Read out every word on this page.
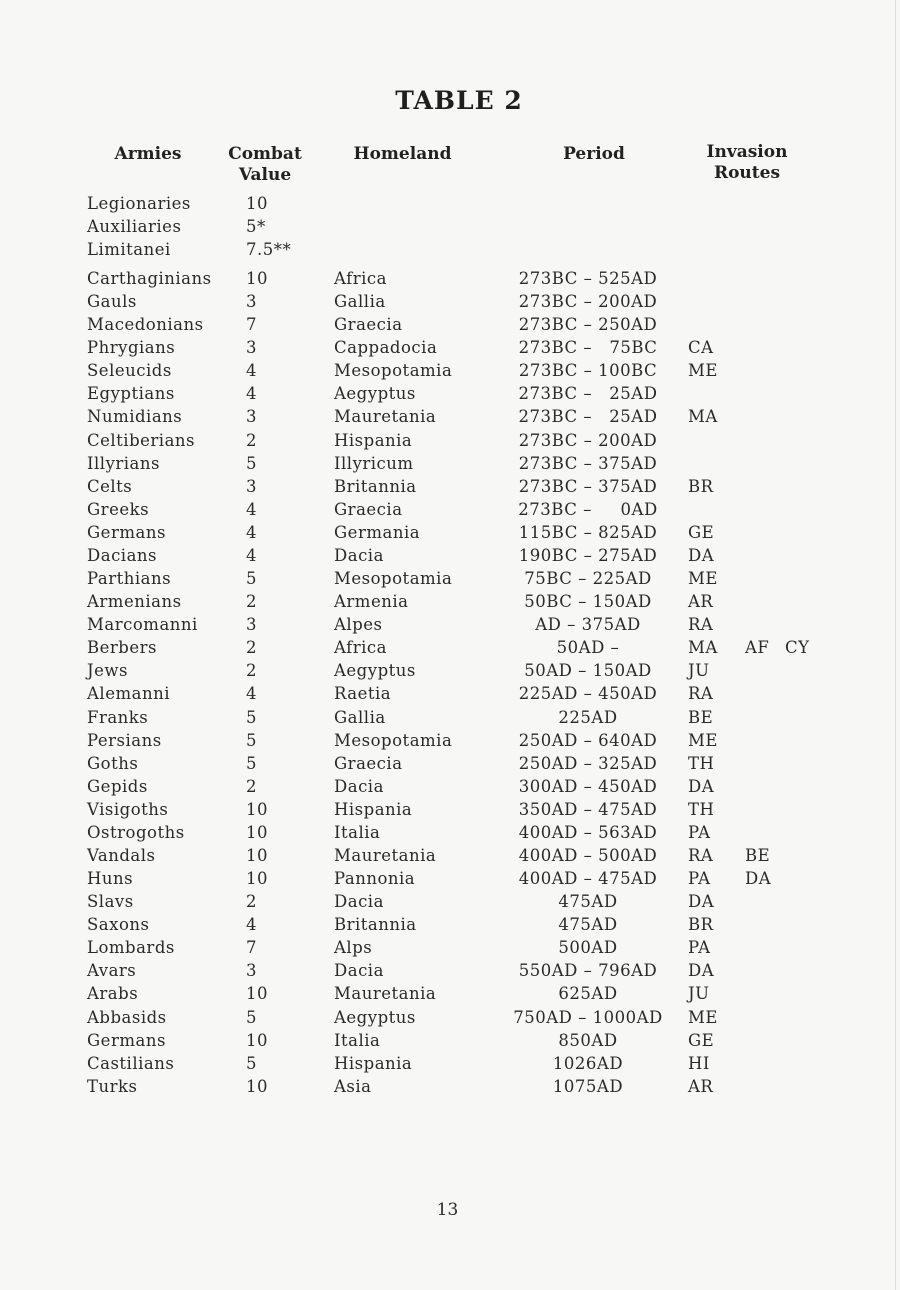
TABLE 2
Armies	Combat
Value
Homeland	Period	Invasion
Routes
Legionaries	10
Auxiliaries	5*
Limitanei	7.5**
Carthaginians 10	Africa	273BC – 525AD
Gauls	3	Gallia	273BC – 200AD
Macedonians	7	Graecia	273BC – 250AD
Phrygians	3	Cappadocia	273BC –   75BC	CA
Seleucids	4	Mesopotamia	273BC – 100BC	ME
Egyptians	4	Aegyptus	273BC –   25AD
Numidians	3	Mauretania	273BC –   25AD	MA
Celtiberians	2	Hispania	273BC – 200AD
Illyrians	5	Illyricum	273BC – 375AD
Celts	3	Britannia	273BC – 375AD	BR
Greeks	4	Graecia	273BC –     0AD
Germans	4	Germania	115BC – 825AD	GE
Dacians	4	Dacia	190BC – 275AD	DA
Parthians	5	Mesopotamia	75BC – 225AD	ME
Armenians	2	Armenia	50BC – 150AD	AR
Marcomanni	3	Alpes	AD – 375AD	RA
Berbers	2	Africa	50AD –	MA AF CY
Jews	2	Aegyptus	50AD – 150AD	JU
Alemanni	4	Raetia	225AD – 450AD	RA
Franks	5	Gallia	225AD	BE
Persians	5	Mesopotamia	250AD – 640AD	ME
Goths	5	Graecia	250AD – 325AD	TH
Gepids	2	Dacia	300AD – 450AD	DA
Visigoths	10	Hispania	350AD – 475AD	TH
Ostrogoths	10	Italia	400AD – 563AD	PA
Vandals	10	Mauretania	400AD – 500AD	RA BE
Huns	10	Pannonia	400AD – 475AD	PA DA
Slavs	2	Dacia	475AD	DA
Saxons	4	Britannia	475AD	BR
Lombards	7	Alps	500AD	PA
Avars	3	Dacia	550AD – 796AD	DA
Arabs	10	Mauretania	625AD	JU
Abbasids	5	Aegyptus	750AD – 1000AD ME
Germans	10	Italia	850AD	GE
Castilians	5	Hispania	1026AD	HI
Turks	10	Asia	1075AD	AR
13
